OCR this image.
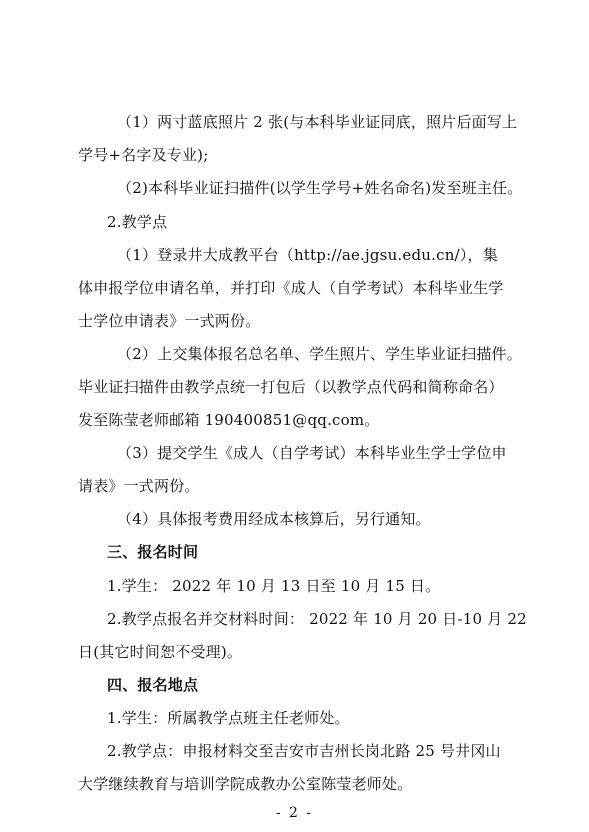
（1）两寸蓝底照片 2 张(与本科毕业证同底，照片后面写上
学号+名字及专业);
（2)本科毕业证扫描件(以学生学号+姓名命名)发至班主任。
2.教学点
（1）登录井大成教平台（http://ae.jgsu.edu.cn/），集
体申报学位申请名单，并打印《成人（自学考试）本科毕业生学
士学位申请表》一式两份。
（2）上交集体报名总名单、学生照片、学生毕业证扫描件。
毕业证扫描件由教学点统一打包后（以教学点代码和简称命名）
发至陈莹老师邮箱 190400851@qq.com。
（3）提交学生《成人（自学考试）本科毕业生学士学位申
请表》一式两份。
（4）具体报考费用经成本核算后，另行通知。
三、报名时间
1.学生： 2022 年 10 月 13 日至 10 月 15 日。
2.教学点报名并交材料时间： 2022 年 10 月 20 日-10 月 22
日(其它时间恕不受理)。
四、报名地点
1.学生：所属教学点班主任老师处。
2.教学点：申报材料交至吉安市吉州长岗北路 25 号井冈山
大学继续教育与培训学院成教办公室陈莹老师处。
- 2 -
